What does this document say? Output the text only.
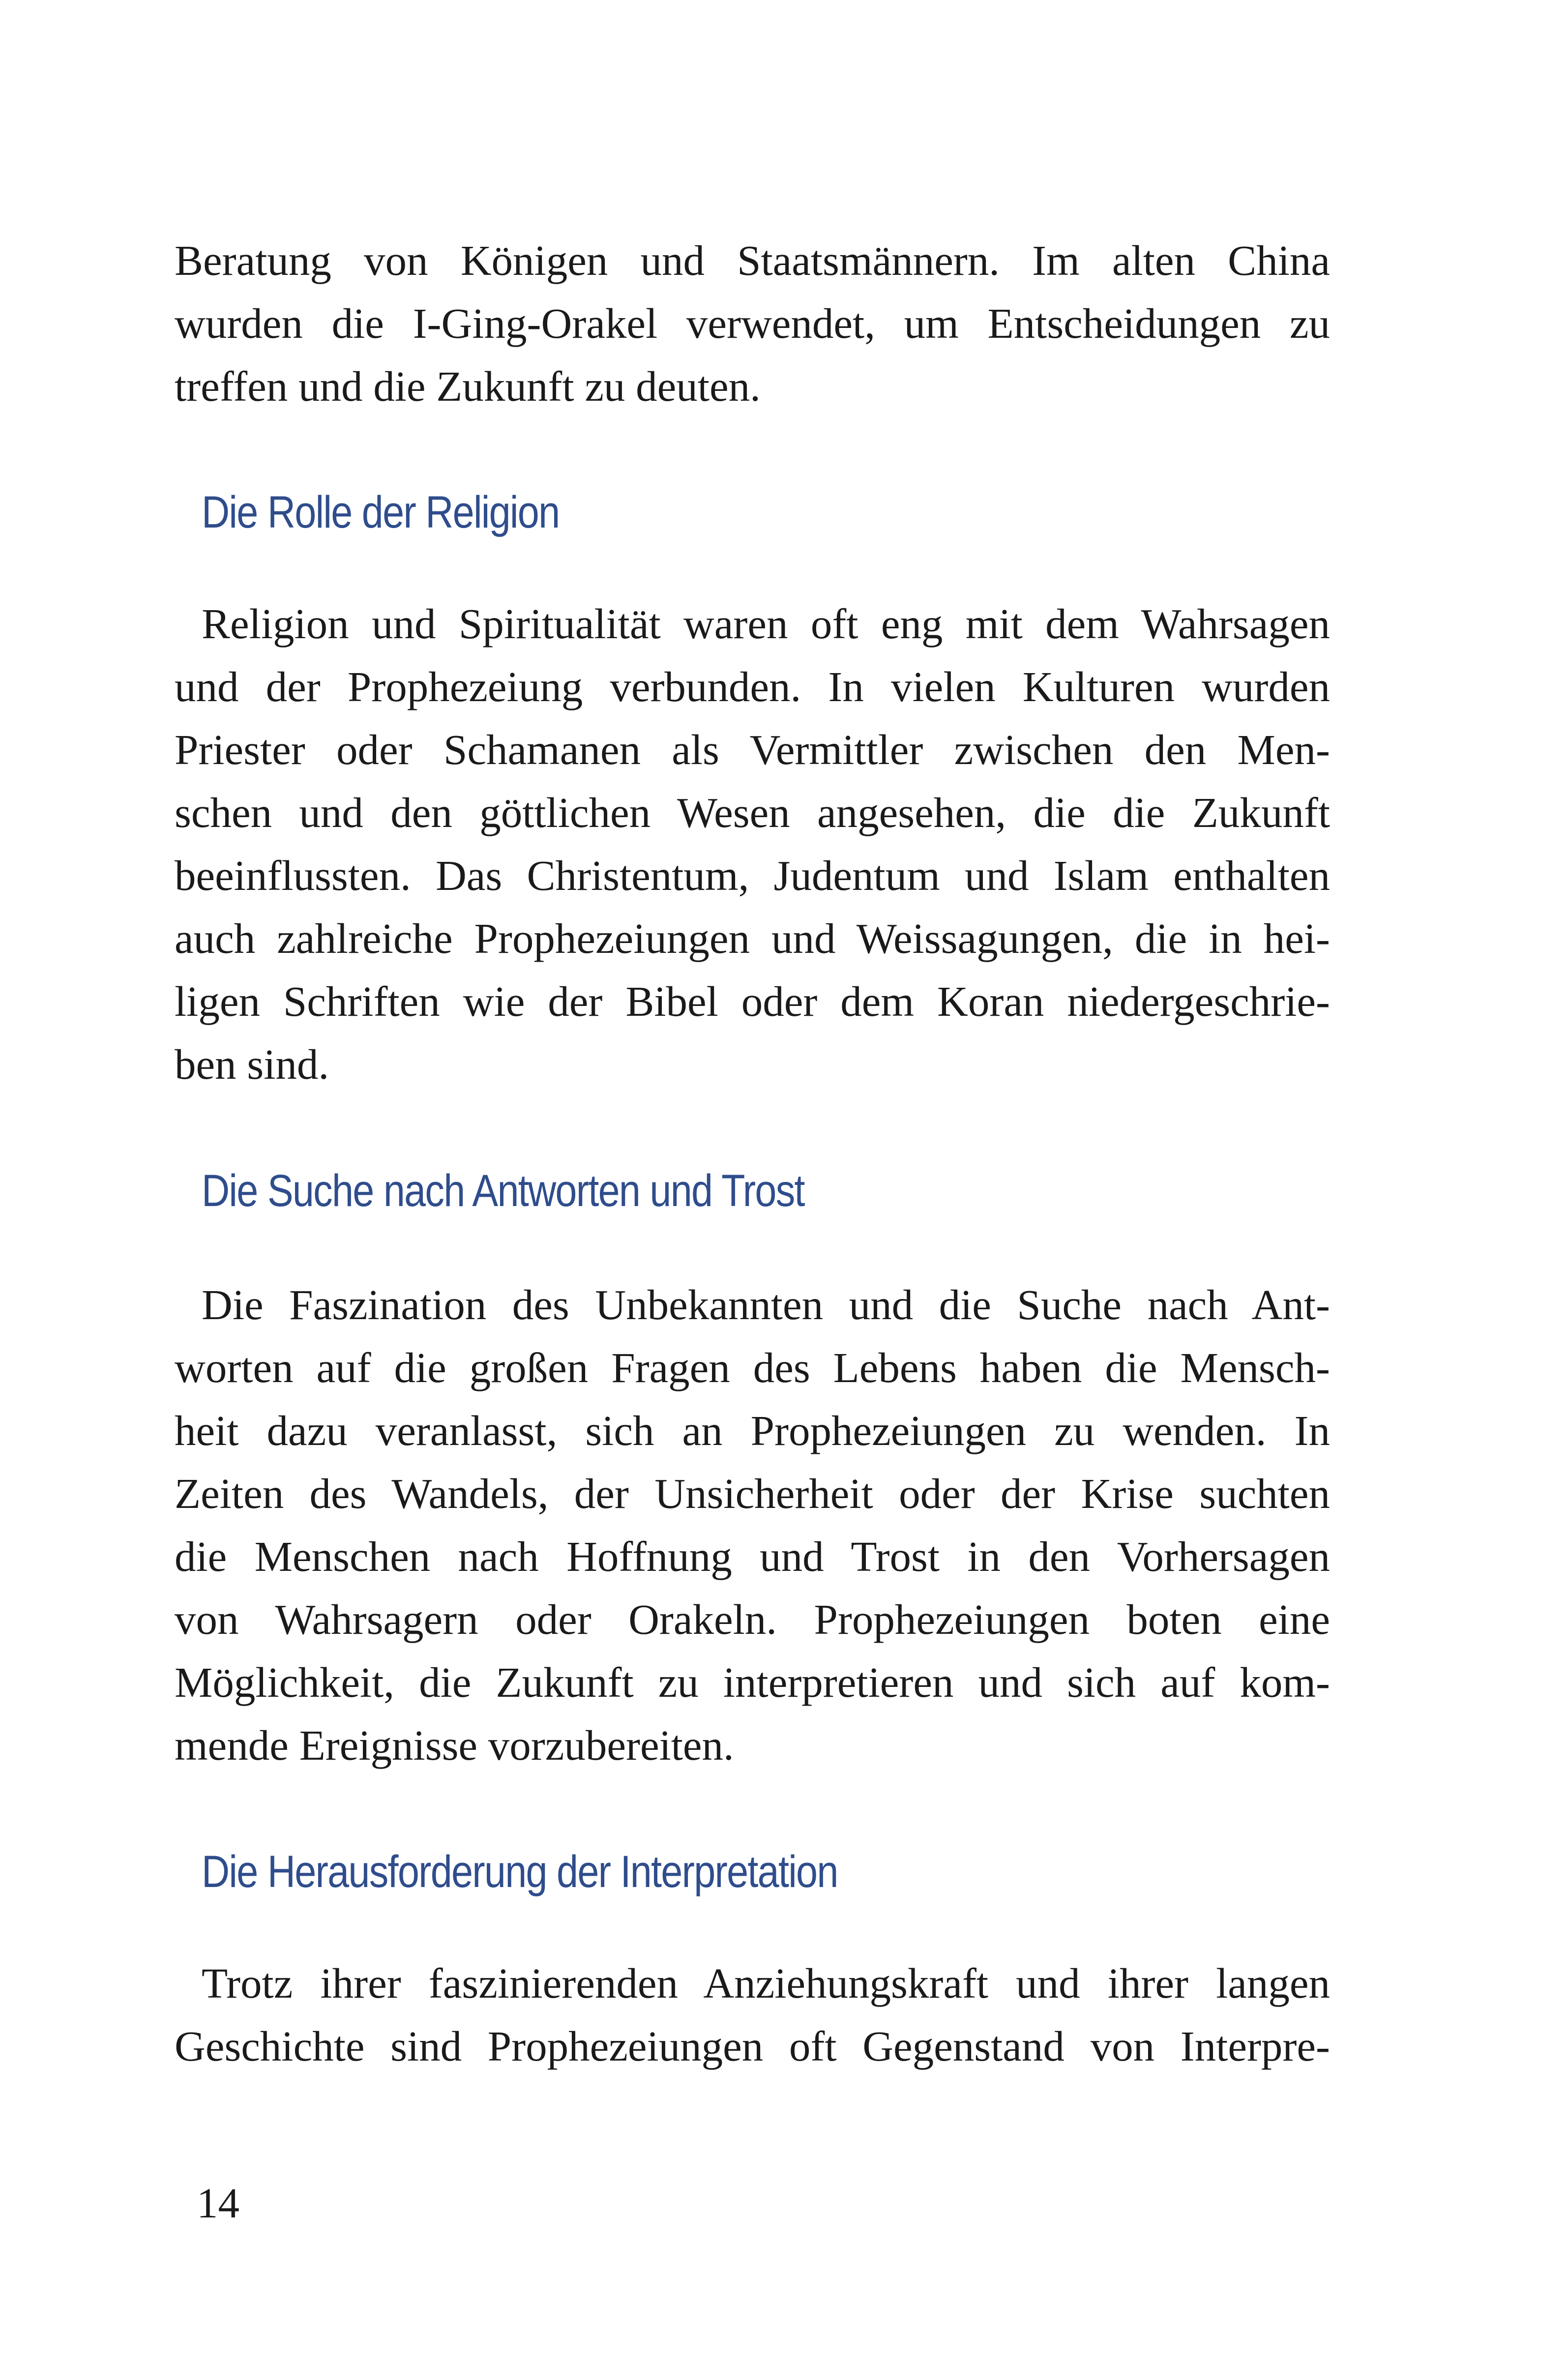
Beratung von Königen und Staatsmännern. Im alten China
wurden die I-Ging-Orakel verwendet, um Entscheidungen zu
treffen und die Zukunft zu deuten.
Die Rolle der Religion
Religion und Spiritualität waren oft eng mit dem Wahrsagen
und der Prophezeiung verbunden. In vielen Kulturen wurden
Priester oder Schamanen als Vermittler zwischen den Men-
schen und den göttlichen Wesen angesehen, die die Zukunft
beeinflussten. Das Christentum, Judentum und Islam enthalten
auch zahlreiche Prophezeiungen und Weissagungen, die in hei-
ligen Schriften wie der Bibel oder dem Koran niedergeschrie-
ben sind.
Die Suche nach Antworten und Trost
Die Faszination des Unbekannten und die Suche nach Ant-
worten auf die großen Fragen des Lebens haben die Mensch-
heit dazu veranlasst, sich an Prophezeiungen zu wenden. In
Zeiten des Wandels, der Unsicherheit oder der Krise suchten
die Menschen nach Hoffnung und Trost in den Vorhersagen
von Wahrsagern oder Orakeln. Prophezeiungen boten eine
Möglichkeit, die Zukunft zu interpretieren und sich auf kom-
mende Ereignisse vorzubereiten.
Die Herausforderung der Interpretation
Trotz ihrer faszinierenden Anziehungskraft und ihrer langen
Geschichte sind Prophezeiungen oft Gegenstand von Interpre-
14
